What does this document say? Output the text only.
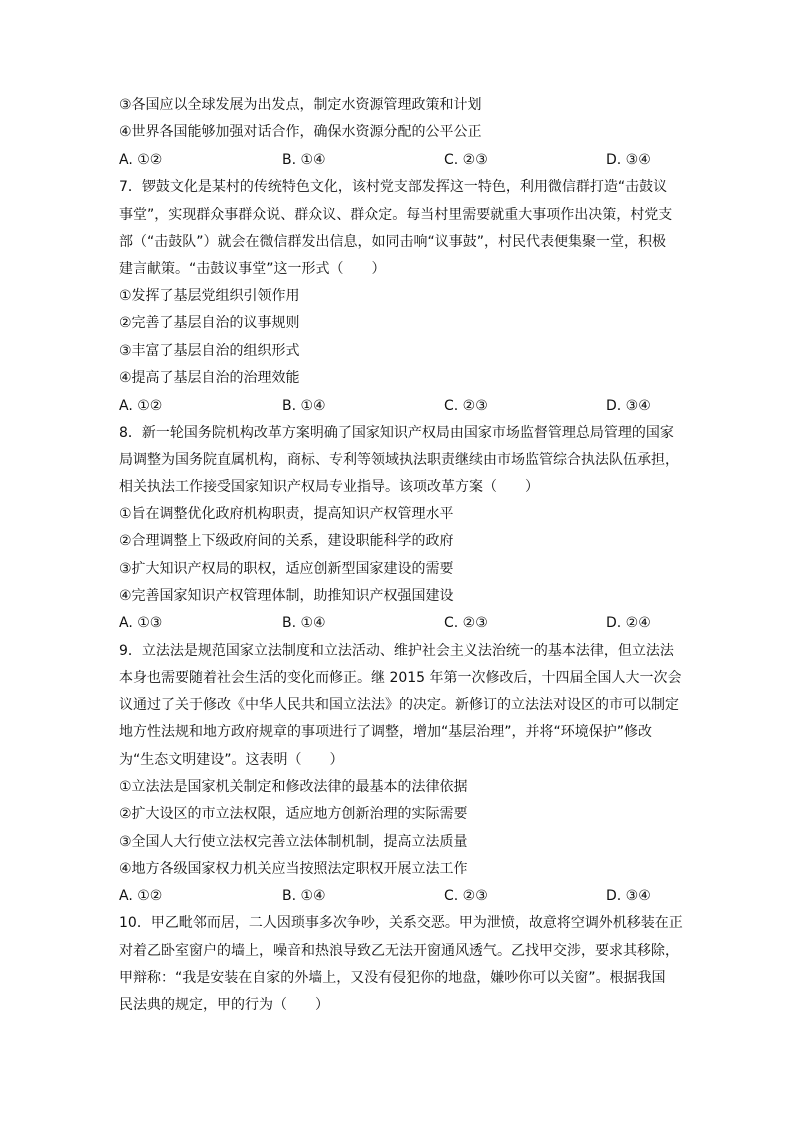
③各国应以全球发展为出发点，制定水资源管理政策和计划
④世界各国能够加强对话合作，确保水资源分配的公平公正
A. ①②	B. ①④	C. ②③	D. ③④
7．锣鼓文化是某村的传统特色文化，该村党支部发挥这一特色，利用微信群打造“击鼓议
事堂”，实现群众事群众说、群众议、群众定。每当村里需要就重大事项作出决策，村党支
部（“击鼓队”）就会在微信群发出信息，如同击响“议事鼓”，村民代表便集聚一堂，积极
建言献策。“击鼓议事堂”这一形式（　　）
①发挥了基层党组织引领作用
②完善了基层自治的议事规则
③丰富了基层自治的组织形式
④提高了基层自治的治理效能
A. ①②	B. ①④	C. ②③	D. ③④
8．新一轮国务院机构改革方案明确了国家知识产权局由国家市场监督管理总局管理的国家
局调整为国务院直属机构，商标、专利等领域执法职责继续由市场监管综合执法队伍承担，
相关执法工作接受国家知识产权局专业指导。该项改革方案（　　）
①旨在调整优化政府机构职责，提高知识产权管理水平
②合理调整上下级政府间的关系，建设职能科学的政府
③扩大知识产权局的职权，适应创新型国家建设的需要
④完善国家知识产权管理体制，助推知识产权强国建设
A. ①③	B. ①④	C. ②③	D. ②④
9．立法法是规范国家立法制度和立法活动、维护社会主义法治统一的基本法律，但立法法
本身也需要随着社会生活的变化而修正。继 2015 年第一次修改后，十四届全国人大一次会
议通过了关于修改《中华人民共和国立法法》的决定。新修订的立法法对设区的市可以制定
地方性法规和地方政府规章的事项进行了调整，增加“基层治理”，并将“环境保护”修改
为“生态文明建设”。这表明（　　）
①立法法是国家机关制定和修改法律的最基本的法律依据
②扩大设区的市立法权限，适应地方创新治理的实际需要
③全国人大行使立法权完善立法体制机制，提高立法质量
④地方各级国家权力机关应当按照法定职权开展立法工作
A. ①②	B. ①④	C. ②③	D. ③④
10．甲乙毗邻而居，二人因琐事多次争吵，关系交恶。甲为泄愤，故意将空调外机移装在正
对着乙卧室窗户的墙上，噪音和热浪导致乙无法开窗通风透气。乙找甲交涉，要求其移除，
甲辩称：“我是安装在自家的外墙上，又没有侵犯你的地盘，嫌吵你可以关窗”。根据我国
民法典的规定，甲的行为（　　）
